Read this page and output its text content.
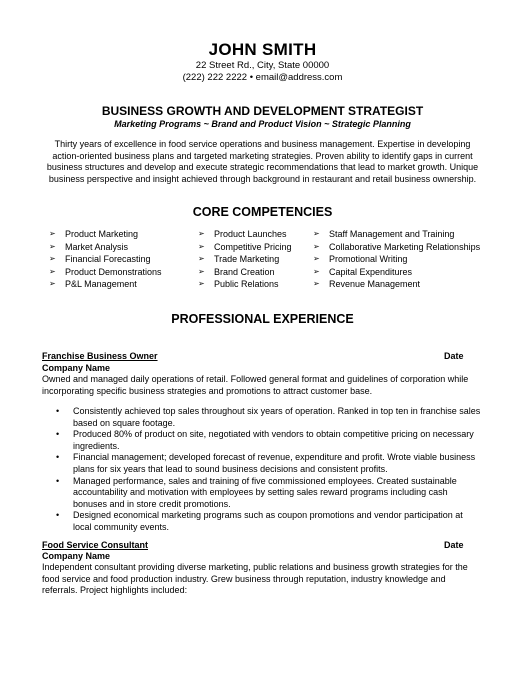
JOHN SMITH
22 Street Rd., City, State 00000
(222) 222 2222 • email@address.com
BUSINESS GROWTH AND DEVELOPMENT STRATEGIST
Marketing Programs ~ Brand and Product Vision ~ Strategic Planning
Thirty years of excellence in food service operations and business management. Expertise in developing action-oriented business plans and targeted marketing strategies. Proven ability to identify gaps in current business structures and develop and execute strategic recommendations that lead to market growth. Unique business perspective and insight achieved through background in restaurant and retail business ownership.
CORE COMPETENCIES
➢ Product Marketing
➢ Market Analysis
➢ Financial Forecasting
➢ Product Demonstrations
➢ P&L Management
➢ Product Launches
➢ Competitive Pricing
➢ Trade Marketing
➢ Brand Creation
➢ Public Relations
➢ Staff Management and Training
➢ Collaborative Marketing Relationships
➢ Promotional Writing
➢ Capital Expenditures
➢ Revenue Management
PROFESSIONAL EXPERIENCE
Franchise Business Owner	Date
Company Name
Owned and managed daily operations of retail. Followed general format and guidelines of corporation while incorporating specific business strategies and promotions to attract customer base.
• Consistently achieved top sales throughout six years of operation. Ranked in top ten in franchise sales based on square footage.
• Produced 80% of product on site, negotiated with vendors to obtain competitive pricing on necessary ingredients.
• Financial management; developed forecast of revenue, expenditure and profit. Wrote viable business plans for six years that lead to sound business decisions and consistent profits.
• Managed performance, sales and training of five commissioned employees. Created sustainable accountability and motivation with employees by setting sales reward programs including cash bonuses and in store credit promotions.
• Designed economical marketing programs such as coupon promotions and vendor participation at local community events.
Food Service Consultant	Date
Company Name
Independent consultant providing diverse marketing, public relations and business growth strategies for the food service and food production industry. Grew business through reputation, industry knowledge and referrals. Project highlights included:
